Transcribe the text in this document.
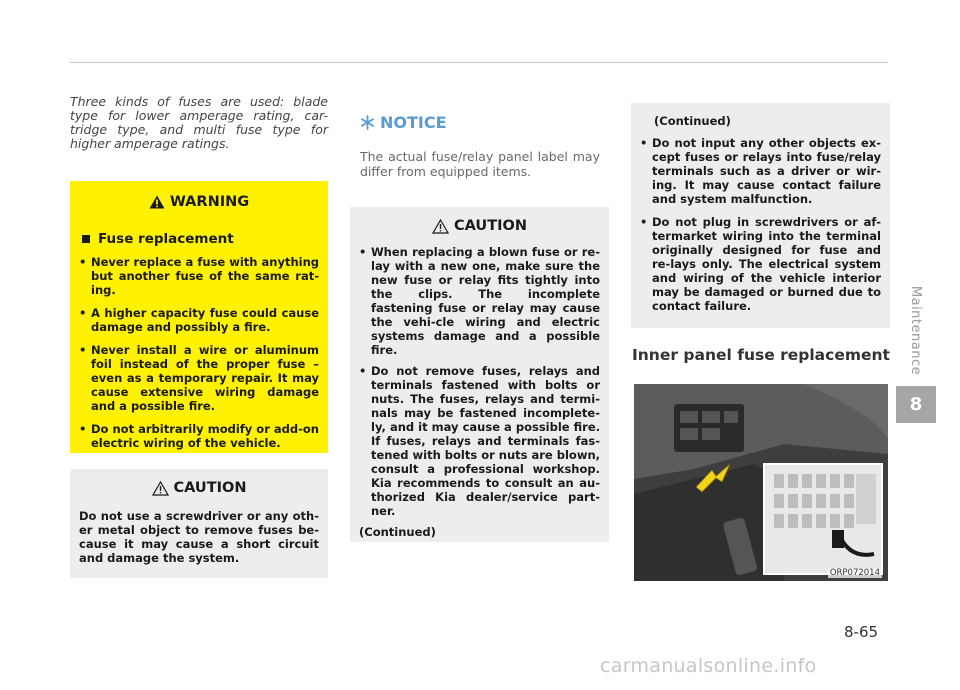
Three kinds of fuses are used: blade type for lower amperage rating, car-tridge type, and multi fuse type for higher amperage ratings.
WARNING
Fuse replacement
• Never replace a fuse with anything but another fuse of the same rat-ing.
• A higher capacity fuse could cause damage and possibly a fire.
• Never install a wire or aluminum foil instead of the proper fuse – even as a temporary repair. It may cause extensive wiring damage and a possible fire.
• Do not arbitrarily modify or add-on electric wiring of the vehicle.
CAUTION
Do not use a screwdriver or any oth-er metal object to remove fuses be-cause it may cause a short circuit and damage the system.
NOTICE
The actual fuse/relay panel label may differ from equipped items.
CAUTION
• When replacing a blown fuse or re-lay with a new one, make sure the new fuse or relay fits tightly into the clips. The incomplete fastening fuse or relay may cause the vehi-cle wiring and electric systems damage and a possible fire.
• Do not remove fuses, relays and terminals fastened with bolts or nuts. The fuses, relays and termi-nals may be fastened incomplete-ly, and it may cause a possible fire. If fuses, relays and terminals fas-tened with bolts or nuts are blown, consult a professional workshop. Kia recommends to consult an au-thorized Kia dealer/service part-ner.
(Continued)
(Continued)
• Do not input any other objects ex-cept fuses or relays into fuse/relay terminals such as a driver or wir-ing. It may cause contact failure and system malfunction.
• Do not plug in screwdrivers or af-termarket wiring into the terminal originally designed for fuse and re-lays only. The electrical system and wiring of the vehicle interior may be damaged or burned due to contact failure.
Inner panel fuse replacement
ORP072014
Maintenance
8
8-65
carmanualsonline.info
